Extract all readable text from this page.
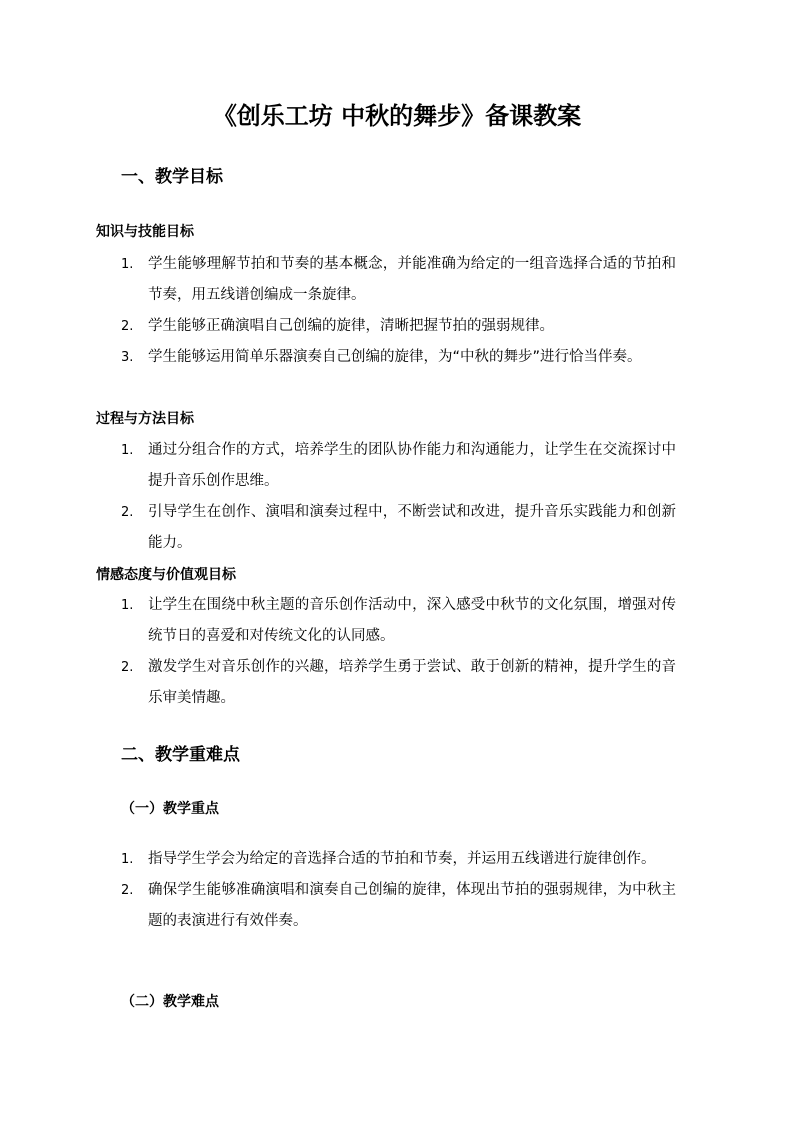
《创乐工坊 中秋的舞步》备课教案
一、教学目标
知识与技能目标
1.	学生能够理解节拍和节奏的基本概念，并能准确为给定的一组音选择合适的节拍和节奏，用五线谱创编成一条旋律。
2.	学生能够正确演唱自己创编的旋律，清晰把握节拍的强弱规律。
3.	学生能够运用简单乐器演奏自己创编的旋律，为“中秋的舞步”进行恰当伴奏。
过程与方法目标
1.	通过分组合作的方式，培养学生的团队协作能力和沟通能力，让学生在交流探讨中提升音乐创作思维。
2.	引导学生在创作、演唱和演奏过程中，不断尝试和改进，提升音乐实践能力和创新能力。
情感态度与价值观目标
1.	让学生在围绕中秋主题的音乐创作活动中，深入感受中秋节的文化氛围，增强对传统节日的喜爱和对传统文化的认同感。
2.	激发学生对音乐创作的兴趣，培养学生勇于尝试、敢于创新的精神，提升学生的音乐审美情趣。
二、教学重难点
（一）教学重点
1.	指导学生学会为给定的音选择合适的节拍和节奏，并运用五线谱进行旋律创作。
2.	确保学生能够准确演唱和演奏自己创编的旋律，体现出节拍的强弱规律，为中秋主题的表演进行有效伴奏。
（二）教学难点
